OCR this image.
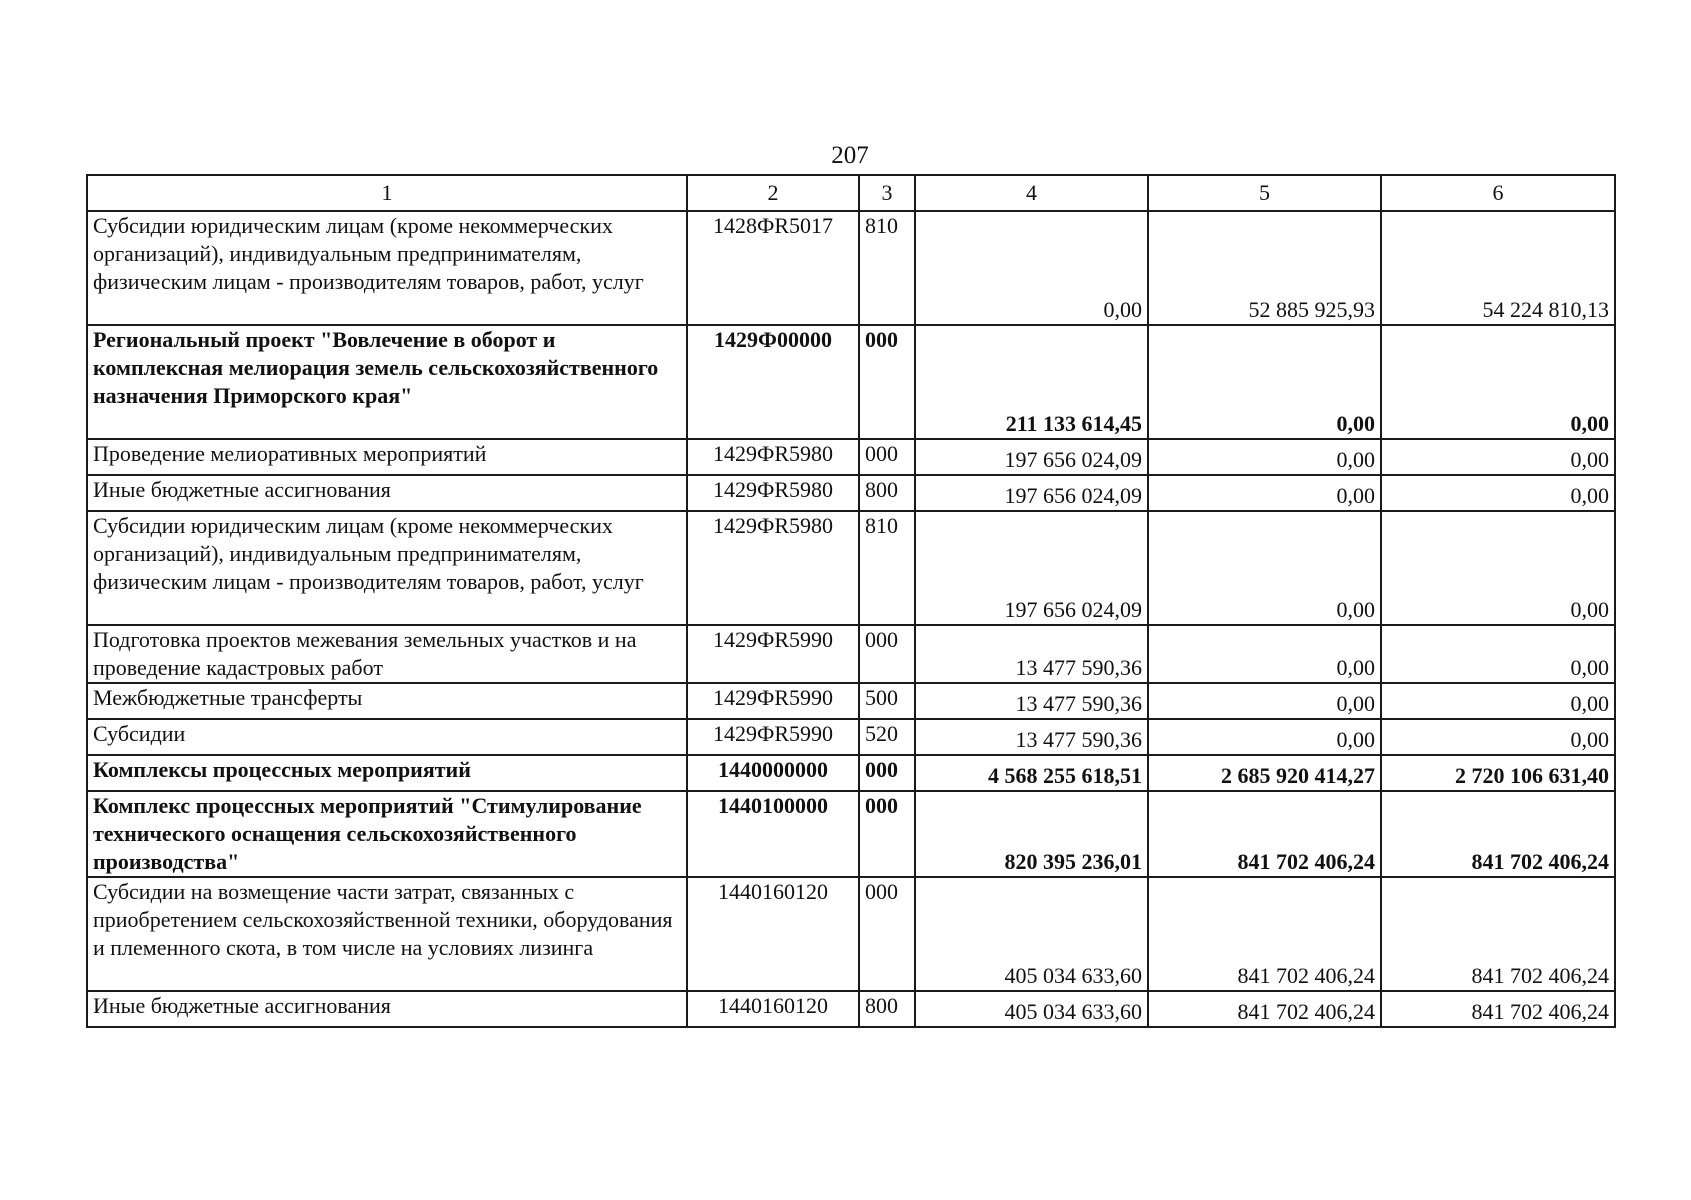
207
1	2	3	4	5	6
Субсидии юридическим лицам (кроме некоммерческих организаций), индивидуальным предпринимателям, физическим лицам - производителям товаров, работ, услуг	1428ФR5017	810	0,00	52 885 925,93	54 224 810,13
Региональный проект "Вовлечение в оборот и комплексная мелиорация земель сельскохозяйственного назначения Приморского края"	1429Ф00000	000	211 133 614,45	0,00	0,00
Проведение мелиоративных мероприятий	1429ФR5980	000	197 656 024,09	0,00	0,00
Иные бюджетные ассигнования	1429ФR5980	800	197 656 024,09	0,00	0,00
Субсидии юридическим лицам (кроме некоммерческих организаций), индивидуальным предпринимателям, физическим лицам - производителям товаров, работ, услуг	1429ФR5980	810	197 656 024,09	0,00	0,00
Подготовка проектов межевания земельных участков и на проведение кадастровых работ	1429ФR5990	000	13 477 590,36	0,00	0,00
Межбюджетные трансферты	1429ФR5990	500	13 477 590,36	0,00	0,00
Субсидии	1429ФR5990	520	13 477 590,36	0,00	0,00
Комплексы процессных мероприятий	1440000000	000	4 568 255 618,51	2 685 920 414,27	2 720 106 631,40
Комплекс процессных мероприятий "Стимулирование технического оснащения сельскохозяйственного производства"	1440100000	000	820 395 236,01	841 702 406,24	841 702 406,24
Субсидии на возмещение части затрат, связанных с приобретением сельскохозяйственной техники, оборудования и племенного скота, в том числе на условиях лизинга	1440160120	000	405 034 633,60	841 702 406,24	841 702 406,24
Иные бюджетные ассигнования	1440160120	800	405 034 633,60	841 702 406,24	841 702 406,24
